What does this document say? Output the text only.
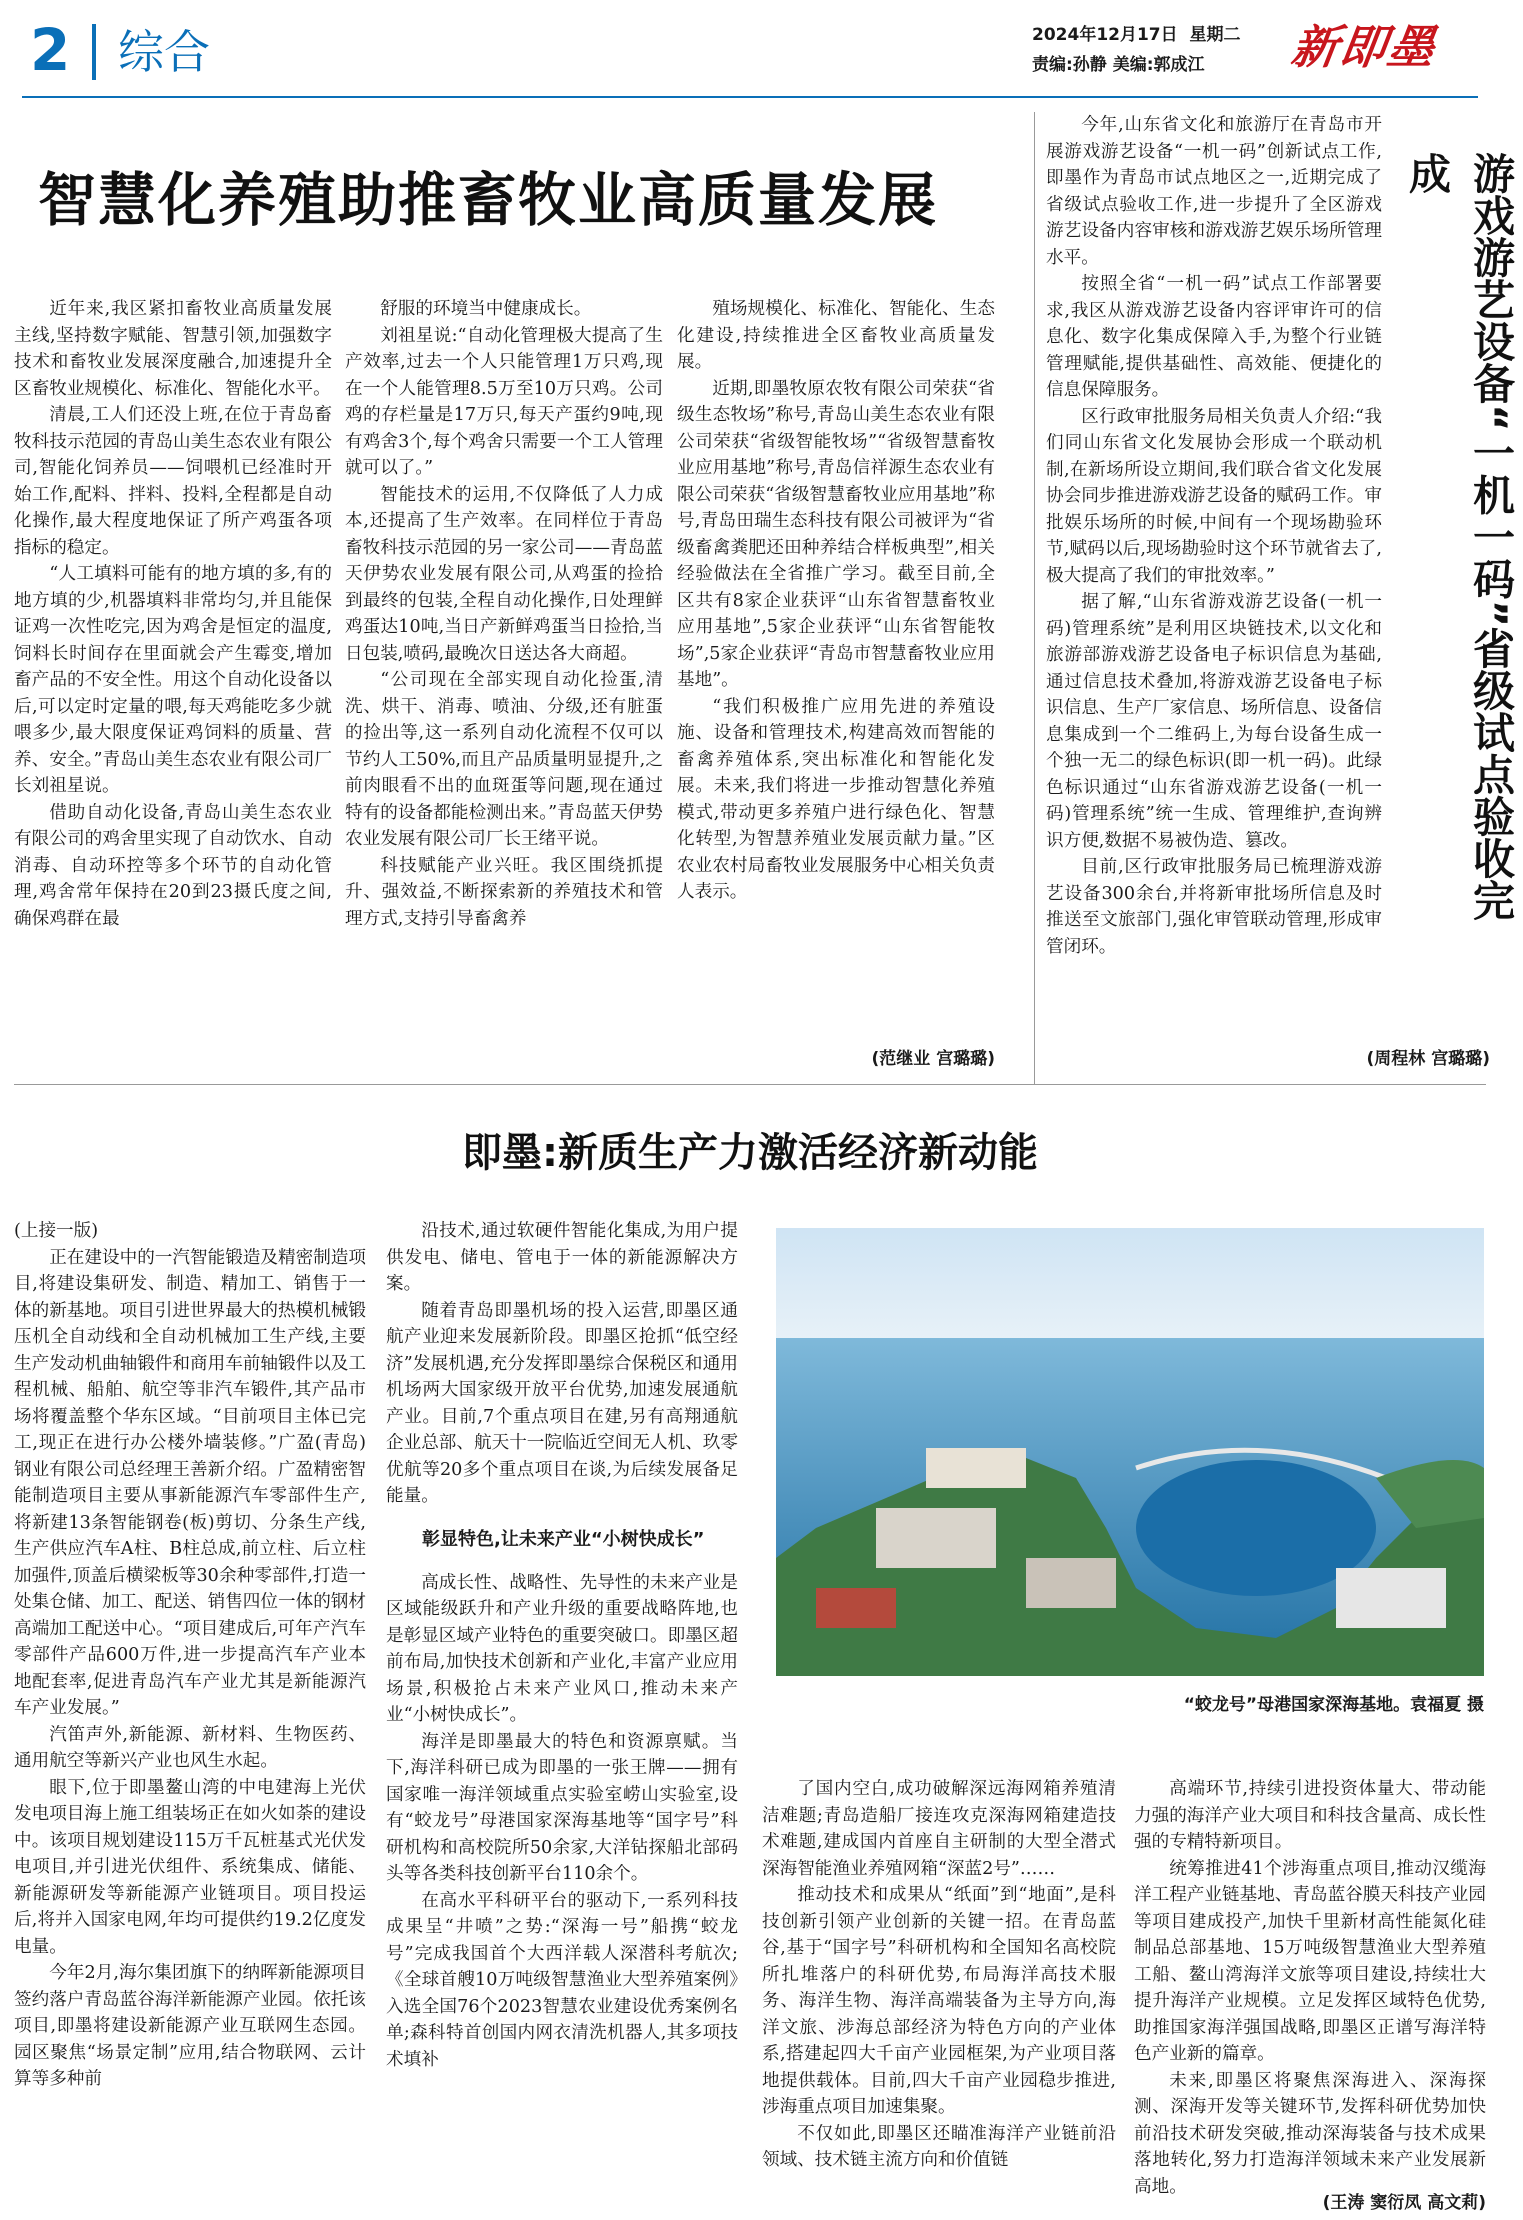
2 综合	2024年12月17日 星期二
责编:孙静 美编:郭成江 新即墨
智慧化养殖助推畜牧业高质量发展

近年来,我区紧扣畜牧业高质量发展主线,坚持数字赋能、智慧引领,加强数字技术和畜牧业发展深度融合,加速提升全区畜牧业规模化、标准化、智能化水平。

清晨,工人们还没上班,在位于青岛畜牧科技示范园的青岛山美生态农业有限公司,智能化饲养员——饲喂机已经准时开始工作,配料、拌料、投料,全程都是自动化操作,最大程度地保证了所产鸡蛋各项指标的稳定。

“人工填料可能有的地方填的多,有的地方填的少,机器填料非常均匀,并且能保证鸡一次性吃完,因为鸡舍是恒定的温度,饲料长时间存在里面就会产生霉变,增加畜产品的不安全性。用这个自动化设备以后,可以定时定量的喂,每天鸡能吃多少就喂多少,最大限度保证鸡饲料的质量、营养、安全。”青岛山美生态农业有限公司厂长刘祖星说。

借助自动化设备,青岛山美生态农业有限公司的鸡舍里实现了自动饮水、自动消毒、自动环控等多个环节的自动化管理,鸡舍常年保持在20到23摄氏度之间,确保鸡群在最

舒服的环境当中健康成长。

刘祖星说:“自动化管理极大提高了生产效率,过去一个人只能管理1万只鸡,现在一个人能管理8.5万至10万只鸡。公司鸡的存栏量是17万只,每天产蛋约9吨,现有鸡舍3个,每个鸡舍只需要一个工人管理就可以了。”

智能技术的运用,不仅降低了人力成本,还提高了生产效率。在同样位于青岛畜牧科技示范园的另一家公司——青岛蓝天伊势农业发展有限公司,从鸡蛋的捡拾到最终的包装,全程自动化操作,日处理鲜鸡蛋达10吨,当日产新鲜鸡蛋当日捡拾,当日包装,喷码,最晚次日送达各大商超。

“公司现在全部实现自动化捡蛋,清洗、烘干、消毒、喷油、分级,还有脏蛋的捡出等,这一系列自动化流程不仅可以节约人工50%,而且产品质量明显提升,之前肉眼看不出的血斑蛋等问题,现在通过特有的设备都能检测出来。”青岛蓝天伊势农业发展有限公司厂长王绪平说。

科技赋能产业兴旺。我区围绕抓提升、强效益,不断探索新的养殖技术和管理方式,支持引导畜禽养

殖场规模化、标准化、智能化、生态化建设,持续推进全区畜牧业高质量发展。

近期,即墨牧原农牧有限公司荣获“省级生态牧场”称号,青岛山美生态农业有限公司荣获“省级智能牧场”“省级智慧畜牧业应用基地”称号,青岛信祥源生态农业有限公司荣获“省级智慧畜牧业应用基地”称号,青岛田瑞生态科技有限公司被评为“省级畜禽粪肥还田种养结合样板典型”,相关经验做法在全省推广学习。截至目前,全区共有8家企业获评“山东省智慧畜牧业应用基地”,5家企业获评“山东省智能牧场”,5家企业获评“青岛市智慧畜牧业应用基地”。

“我们积极推广应用先进的养殖设施、设备和管理技术,构建高效而智能的畜禽养殖体系,突出标准化和智能化发展。未来,我们将进一步推动智慧化养殖模式,带动更多养殖户进行绿色化、智慧化转型,为智慧养殖业发展贡献力量。”区农业农村局畜牧业发展服务中心相关负责人表示。

(范继业 宫璐璐)

今年,山东省文化和旅游厅在青岛市开展游戏游艺设备“一机一码”创新试点工作,即墨作为青岛市试点地区之一,近期完成了省级试点验收工作,进一步提升了全区游戏游艺设备内容审核和游戏游艺娱乐场所管理水平。

按照全省“一机一码”试点工作部署要求,我区从游戏游艺设备内容评审许可的信息化、数字化集成保障入手,为整个行业链管理赋能,提供基础性、高效能、便捷化的信息保障服务。

区行政审批服务局相关负责人介绍:“我们同山东省文化发展协会形成一个联动机制,在新场所设立期间,我们联合省文化发展协会同步推进游戏游艺设备的赋码工作。审批娱乐场所的时候,中间有一个现场勘验环节,赋码以后,现场勘验时这个环节就省去了,极大提高了我们的审批效率。”

据了解,“山东省游戏游艺设备(一机一码)管理系统”是利用区块链技术,以文化和旅游部游戏游艺设备电子标识信息为基础,通过信息技术叠加,将游戏游艺设备电子标识信息、生产厂家信息、场所信息、设备信息集成到一个二维码上,为每台设备生成一个独一无二的绿色标识(即一机一码)。此绿色标识通过“山东省游戏游艺设备(一机一码)管理系统”统一生成、管理维护,查询辨识方便,数据不易被伪造、篡改。

目前,区行政审批服务局已梳理游戏游艺设备300余台,并将新审批场所信息及时推送至文旅部门,强化审管联动管理,形成审管闭环。

游戏游艺设备“一机一码”省级试点验收完成
(周程林 宫璐璐)
即墨:新质生产力激活经济新动能

(上接一版)

正在建设中的一汽智能锻造及精密制造项目,将建设集研发、制造、精加工、销售于一体的新基地。项目引进世界最大的热模机械锻压机全自动线和全自动机械加工生产线,主要生产发动机曲轴锻件和商用车前轴锻件以及工程机械、船舶、航空等非汽车锻件,其产品市场将覆盖整个华东区域。“目前项目主体已完工,现正在进行办公楼外墙装修。”广盈(青岛)钢业有限公司总经理王善新介绍。广盈精密智能制造项目主要从事新能源汽车零部件生产,将新建13条智能钢卷(板)剪切、分条生产线,生产供应汽车A柱、B柱总成,前立柱、后立柱加强件,顶盖后横梁板等30余种零部件,打造一处集仓储、加工、配送、销售四位一体的钢材高端加工配送中心。“项目建成后,可年产汽车零部件产品600万件,进一步提高汽车产业本地配套率,促进青岛汽车产业尤其是新能源汽车产业发展。”

汽笛声外,新能源、新材料、生物医药、通用航空等新兴产业也风生水起。

眼下,位于即墨鳌山湾的中电建海上光伏发电项目海上施工组装场正在如火如荼的建设中。该项目规划建设115万千瓦桩基式光伏发电项目,并引进光伏组件、系统集成、储能、新能源研发等新能源产业链项目。项目投运后,将并入国家电网,年均可提供约19.2亿度发电量。

今年2月,海尔集团旗下的纳晖新能源项目签约落户青岛蓝谷海洋新能源产业园。依托该项目,即墨将建设新能源产业互联网生态园。园区聚焦“场景定制”应用,结合物联网、云计算等多种前

沿技术,通过软硬件智能化集成,为用户提供发电、储电、管电于一体的新能源解决方案。

随着青岛即墨机场的投入运营,即墨区通航产业迎来发展新阶段。即墨区抢抓“低空经济”发展机遇,充分发挥即墨综合保税区和通用机场两大国家级开放平台优势,加速发展通航产业。目前,7个重点项目在建,另有高翔通航企业总部、航天十一院临近空间无人机、玖零优航等20多个重点项目在谈,为后续发展备足能量。

彰显特色,让未来产业“小树快成长”

高成长性、战略性、先导性的未来产业是区域能级跃升和产业升级的重要战略阵地,也是彰显区域产业特色的重要突破口。即墨区超前布局,加快技术创新和产业化,丰富产业应用场景,积极抢占未来产业风口,推动未来产业“小树快成长”。

海洋是即墨最大的特色和资源禀赋。当下,海洋科研已成为即墨的一张王牌——拥有国家唯一海洋领域重点实验室崂山实验室,设有“蛟龙号”母港国家深海基地等“国字号”科研机构和高校院所50余家,大洋钻探船北部码头等各类科技创新平台110余个。

在高水平科研平台的驱动下,一系列科技成果呈“井喷”之势:“深海一号”船携“蛟龙号”完成我国首个大西洋载人深潜科考航次;《全球首艘10万吨级智慧渔业大型养殖案例》入选全国76个2023智慧农业建设优秀案例名单;森科特首创国内网衣清洗机器人,其多项技术填补

了国内空白,成功破解深远海网箱养殖清洁难题;青岛造船厂接连攻克深海网箱建造技术难题,建成国内首座自主研制的大型全潜式深海智能渔业养殖网箱“深蓝2号”……

推动技术和成果从“纸面”到“地面”,是科技创新引领产业创新的关键一招。在青岛蓝谷,基于“国字号”科研机构和全国知名高校院所扎堆落户的科研优势,布局海洋高技术服务、海洋生物、海洋高端装备为主导方向,海洋文旅、涉海总部经济为特色方向的产业体系,搭建起四大千亩产业园框架,为产业项目落地提供载体。目前,四大千亩产业园稳步推进,涉海重点项目加速集聚。

不仅如此,即墨区还瞄准海洋产业链前沿领域、技术链主流方向和价值链

高端环节,持续引进投资体量大、带动能力强的海洋产业大项目和科技含量高、成长性强的专精特新项目。

统筹推进41个涉海重点项目,推动汉缆海洋工程产业链基地、青岛蓝谷膜天科技产业园等项目建成投产,加快千里新材高性能氮化硅制品总部基地、15万吨级智慧渔业大型养殖工船、鳌山湾海洋文旅等项目建设,持续壮大提升海洋产业规模。立足发挥区域特色优势,助推国家海洋强国战略,即墨区正谱写海洋特色产业新的篇章。

未来,即墨区将聚焦深海进入、深海探测、深海开发等关键环节,发挥科研优势加快前沿技术研发突破,推动深海装备与技术成果落地转化,努力打造海洋领域未来产业发展新高地。

(王涛 窦衍凤 高文莉)
“蛟龙号”母港国家深海基地。袁福夏 摄
